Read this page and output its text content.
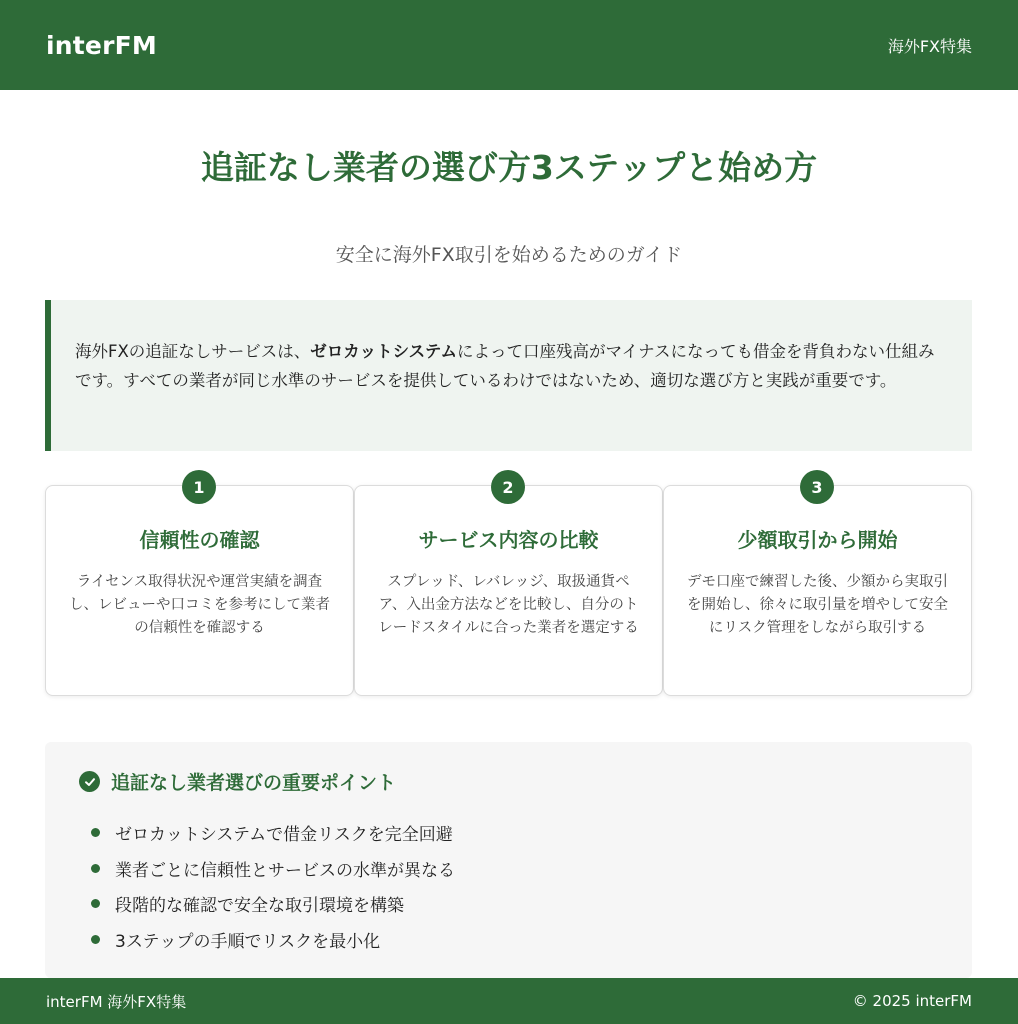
interFM	海外FX特集
追証なし業者の選び方3ステップと始め方

安全に海外FX取引を始めるためのガイド

海外FXの追証なしサービスは、ゼロカットシステムによって口座残高がマイナスになっても借金を背負わない仕組みです。すべての業者が同じ水準のサービスを提供しているわけではないため、適切な選び方と実践が重要です。
信頼性の確認
ライセンス取得状況や運営実績を調査し、レビューや口コミを参考にして業者の信頼性を確認する
サービス内容の比較
スプレッド、レバレッジ、取扱通貨ペア、入出金方法などを比較し、自分のトレードスタイルに合った業者を選定する
少額取引から開始
デモ口座で練習した後、少額から実取引を開始し、徐々に取引量を増やして安全にリスク管理をしながら取引する
1	2	3
追証なし業者選びの重要ポイント
ゼロカットシステムで借金リスクを完全回避
業者ごとに信頼性とサービスの水準が異なる
段階的な確認で安全な取引環境を構築
3ステップの手順でリスクを最小化
interFM 海外FX特集	© 2025 interFM
